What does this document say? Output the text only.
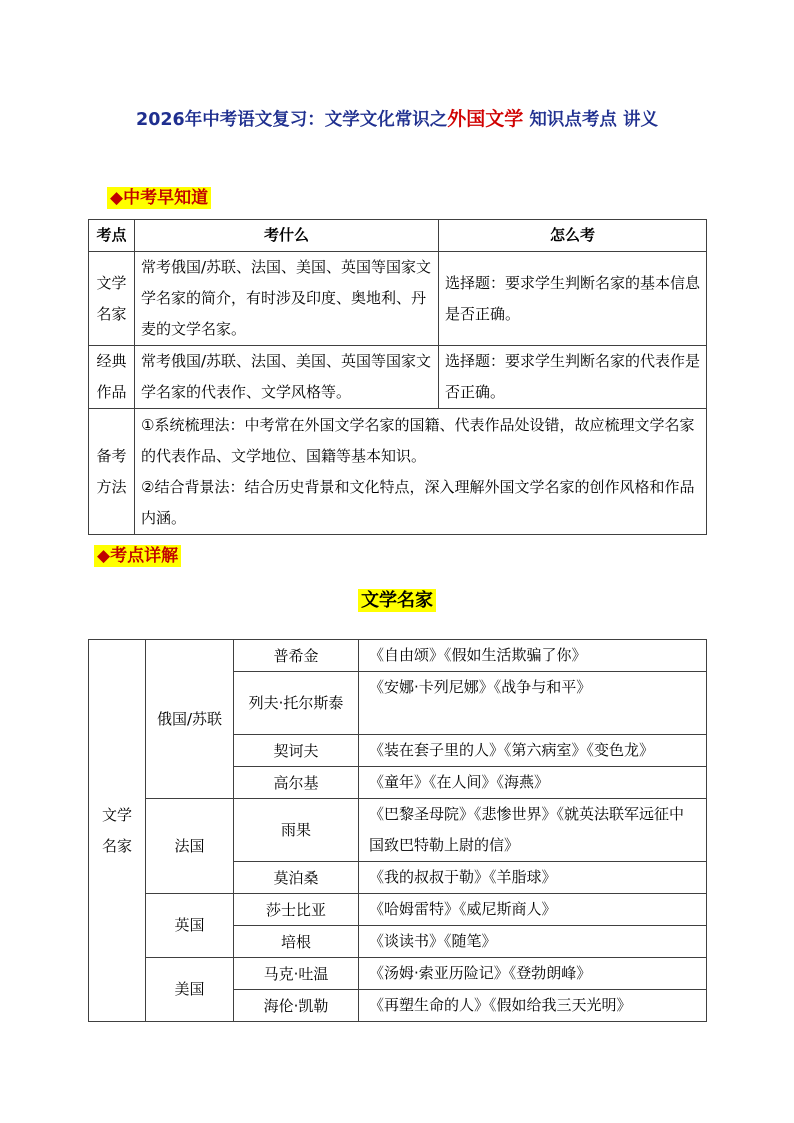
2026年中考语文复习：文学文化常识之外国文学 知识点考点 讲义
◆中考早知道
考点	考什么	怎么考
文学名家	常考俄国/苏联、法国、美国、英国等国家文学名家的简介，有时涉及印度、奥地利、丹麦的文学名家。	选择题：要求学生判断名家的基本信息是否正确。
经典作品	常考俄国/苏联、法国、美国、英国等国家文学名家的代表作、文学风格等。	选择题：要求学生判断名家的代表作是否正确。
备考方法	①系统梳理法：中考常在外国文学名家的国籍、代表作品处设错，故应梳理文学名家的代表作品、文学地位、国籍等基本知识。
②结合背景法：结合历史背景和文化特点，深入理解外国文学名家的创作风格和作品内涵。	
◆考点详解
文学名家
文学名家	俄国/苏联	普希金	《自由颂》《假如生活欺骗了你》

		列夫·托尔斯泰	《安娜·卡列尼娜》《战争与和平》
		契诃夫	《装在套子里的人》《第六病室》《变色龙》
		高尔基	《童年》《在人间》《海燕》
	法国	雨果	《巴黎圣母院》《悲惨世界》《就英法联军远征中国致巴特勒上尉的信》
		莫泊桑	《我的叔叔于勒》《羊脂球》
	英国	莎士比亚	《哈姆雷特》《威尼斯商人》
		培根	《谈读书》《随笔》
	美国	马克·吐温	《汤姆·索亚历险记》《登勃朗峰》
		海伦·凯勒	《再塑生命的人》《假如给我三天光明》
